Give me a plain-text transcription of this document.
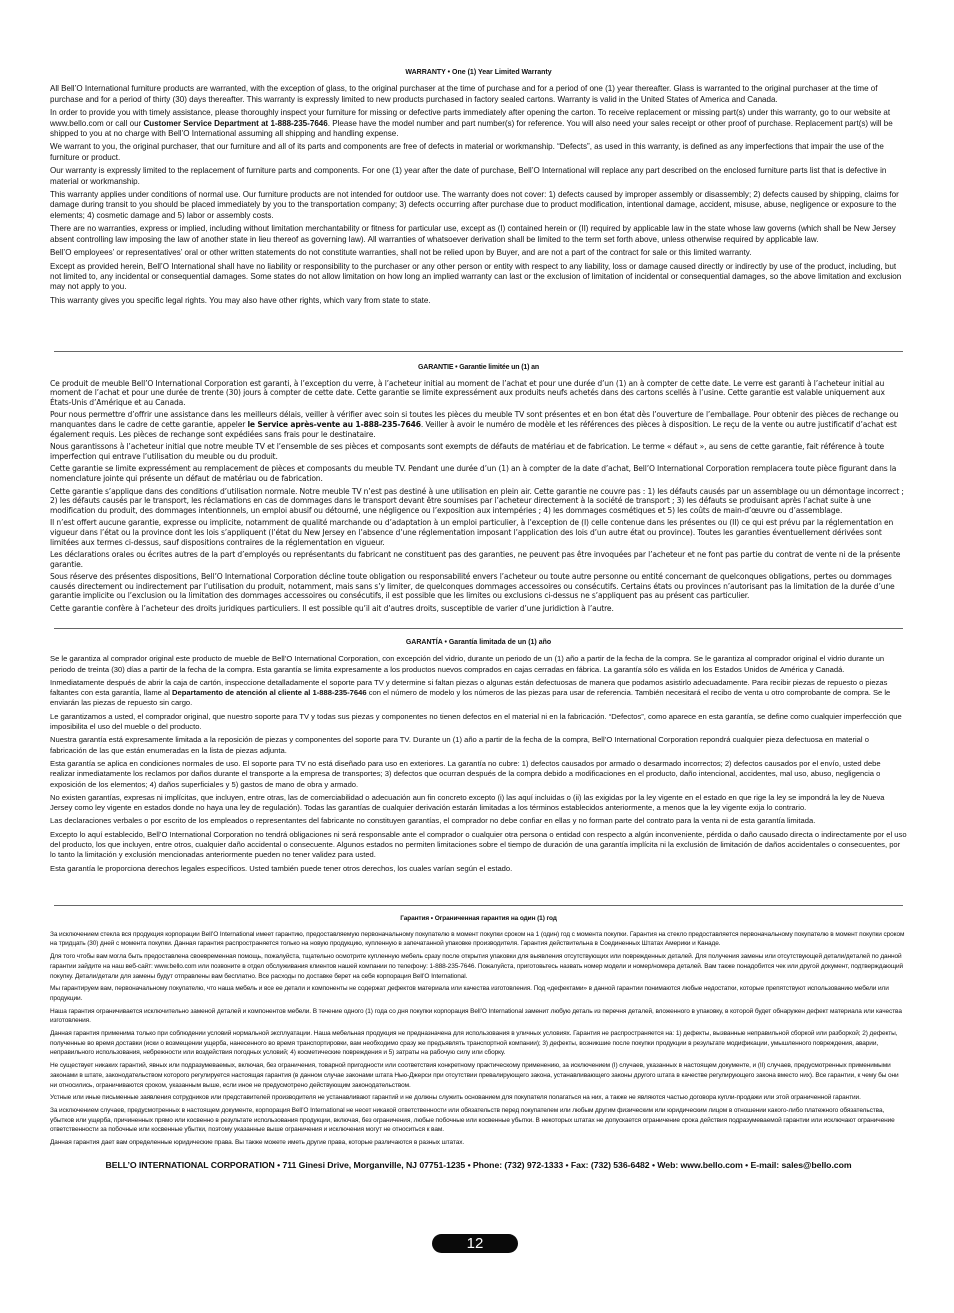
WARRANTY • One (1) Year Limited Warranty

All Bell’O International furniture products are warranted, with the exception of glass, to the original purchaser at the time of purchase and for a period of one (1) year thereafter. Glass is warranted to the original purchaser at the time of purchase and for a period of thirty (30) days thereafter. This warranty is expressly limited to new products purchased in factory sealed cartons. Warranty is valid in the United States of America and Canada.

In order to provide you with timely assistance, please thoroughly inspect your furniture for missing or defective parts immediately after opening the carton. To receive replacement or missing part(s) under this warranty, go to our website at www.bello.com or call our Customer Service Department at 1-888-235-7646. Please have the model number and part number(s) for reference. You will also need your sales receipt or other proof of purchase. Replacement part(s) will be shipped to you at no charge with Bell’O International assuming all shipping and handling expense.

We warrant to you, the original purchaser, that our furniture and all of its parts and components are free of defects in material or workmanship. “Defects”, as used in this warranty, is defined as any imperfections that impair the use of the furniture or product.

Our warranty is expressly limited to the replacement of furniture parts and components. For one (1) year after the date of purchase, Bell’O International will replace any part described on the enclosed furniture parts list that is defective in material or workmanship.

This warranty applies under conditions of normal use. Our furniture products are not intended for outdoor use. The warranty does not cover: 1) defects caused by improper assembly or disassembly; 2) defects caused by shipping, claims for damage during transit to you should be placed immediately by you to the transportation company; 3) defects occurring after purchase due to product modification, intentional damage, accident, misuse, abuse, negligence or exposure to the elements; 4) cosmetic damage and 5) labor or assembly costs.

There are no warranties, express or implied, including without limitation merchantability or fitness for particular use, except as (I) contained herein or (II) required by applicable law in the state whose law governs (which shall be New Jersey absent controlling law imposing the law of another state in lieu thereof as governing law). All warranties of whatsoever derivation shall be limited to the term set forth above, unless otherwise required by applicable law.

Bell’O employees’ or representatives’ oral or other written statements do not constitute warranties, shall not be relied upon by Buyer, and are not a part of the contract for sale or this limited warranty.

Except as provided herein, Bell’O International shall have no liability or responsibility to the purchaser or any other person or entity with respect to any liability, loss or damage caused directly or indirectly by use of the product, including, but not limited to, any incidental or consequential damages. Some states do not allow limitation on how long an implied warranty can last or the exclusion of limitation of incidental or consequential damages, so the above limitation and exclusion may not apply to you.

This warranty gives you specific legal rights. You may also have other rights, which vary from state to state.

GARANTIE • Garantie limitée un (1) an

Ce produit de meuble Bell’O International Corporation est garanti, à l’exception du verre, à l’acheteur initial au moment de l’achat et pour une durée d’un (1) an à compter de cette date. Le verre est garanti à l’acheteur initial au moment de l’achat et pour une durée de trente (30) jours à compter de cette date. Cette garantie se limite expressément aux produits neufs achetés dans des cartons scellés à l’usine. Cette garantie est valable uniquement aux États-Unis d’Amérique et au Canada.

Pour nous permettre d’offrir une assistance dans les meilleurs délais, veiller à vérifier avec soin si toutes les pièces du meuble TV sont présentes et en bon état dès l’ouverture de l’emballage. Pour obtenir des pièces de rechange ou manquantes dans le cadre de cette garantie, appeler le Service après-vente au 1-888-235-7646. Veiller à avoir le numéro de modèle et les références des pièces à disposition. Le reçu de la vente ou autre justificatif d’achat est également requis. Les pièces de rechange sont expédiées sans frais pour le destinataire.

Nous garantissons à l’acheteur initial que notre meuble TV et l’ensemble de ses pièces et composants sont exempts de défauts de matériau et de fabrication. Le terme « défaut », au sens de cette garantie, fait référence à toute imperfection qui entrave l’utilisation du meuble ou du produit.

Cette garantie se limite expressément au remplacement de pièces et composants du meuble TV. Pendant une durée d’un (1) an à compter de la date d’achat, Bell’O International Corporation remplacera toute pièce figurant dans la nomenclature jointe qui présente un défaut de matériau ou de fabrication.

Cette garantie s’applique dans des conditions d’utilisation normale. Notre meuble TV n’est pas destiné à une utilisation en plein air. Cette garantie ne couvre pas : 1) les défauts causés par un assemblage ou un démontage incorrect ; 2) les défauts causés par le transport, les réclamations en cas de dommages dans le transport devant être soumises par l’acheteur directement à la société de transport ; 3) les défauts se produisant après l’achat suite à une modification du produit, des dommages intentionnels, un emploi abusif ou détourné, une négligence ou l’exposition aux intempéries ; 4) les dommages cosmétiques et 5) les coûts de main-d’œuvre ou d’assemblage.

Il n’est offert aucune garantie, expresse ou implicite, notamment de qualité marchande ou d’adaptation à un emploi particulier, à l’exception de (I) celle contenue dans les présentes ou (II) ce qui est prévu par la réglementation en vigueur dans l’état ou la province dont les lois s’appliquent (l’état du New Jersey en l’absence d’une réglementation imposant l’application des lois d’un autre état ou province). Toutes les garanties éventuellement dérivées sont limitées aux termes ci-dessus, sauf dispositions contraires de la réglementation en vigueur.

Les déclarations orales ou écrites autres de la part d’employés ou représentants du fabricant ne constituent pas des garanties, ne peuvent pas être invoquées par l’acheteur et ne font pas partie du contrat de vente ni de la présente garantie.

Sous réserve des présentes dispositions, Bell’O International Corporation décline toute obligation ou responsabilité envers l’acheteur ou toute autre personne ou entité concernant de quelconques obligations, pertes ou dommages causés directement ou indirectement par l’utilisation du produit, notamment, mais sans s’y limiter, de quelconques dommages accessoires ou consécutifs. Certains états ou provinces n’autorisant pas la limitation de la durée d’une garantie implicite ou l’exclusion ou la limitation des dommages accessoires ou consécutifs, il est possible que les limites ou exclusions ci-dessus ne s’appliquent pas au présent cas particulier.

Cette garantie confère à l’acheteur des droits juridiques particuliers. Il est possible qu’il ait d’autres droits, susceptible de varier d’une juridiction à l’autre.

GARANTÍA • Garantía limitada de un (1) año

Se le garantiza al comprador original este producto de mueble de Bell’O International Corporation, con excepción del vidrio, durante un periodo de un (1) año a partir de la fecha de la compra. Se le garantiza al comprador original el vidrio durante un periodo de treinta (30) días a partir de la fecha de la compra. Esta garantía se limita expresamente a los productos nuevos comprados en cajas cerradas en fábrica. La garantía sólo es válida en los Estados Unidos de América y Canadá.

Inmediatamente después de abrir la caja de cartón, inspeccione detalladamente el soporte para TV y determine si faltan piezas o algunas están defectuosas de manera que podamos asistirlo adecuadamente. Para recibir piezas de repuesto o piezas faltantes con esta garantía, llame al Departamento de atención al cliente al 1-888-235-7646 con el número de modelo y los números de las piezas para usar de referencia. También necesitará el recibo de venta u otro comprobante de compra. Se le enviarán las piezas de repuesto sin cargo.

Le garantizamos a usted, el comprador original, que nuestro soporte para TV y todas sus piezas y componentes no tienen defectos en el material ni en la fabricación. “Defectos”, como aparece en esta garantía, se define como cualquier imperfección que imposibilita el uso del mueble o del producto.

Nuestra garantía está expresamente limitada a la reposición de piezas y componentes del soporte para TV. Durante un (1) año a partir de la fecha de la compra, Bell’O International Corporation repondrá cualquier pieza defectuosa en material o fabricación de las que están enumeradas en la lista de piezas adjunta.

Esta garantía se aplica en condiciones normales de uso. El soporte para TV no está diseñado para uso en exteriores. La garantía no cubre: 1) defectos causados por armado o desarmado incorrectos; 2) defectos causados por el envío, usted debe realizar inmediatamente los reclamos por daños durante el transporte a la empresa de transportes; 3) defectos que ocurran después de la compra debido a modificaciones en el producto, daño intencional, accidentes, mal uso, abuso, negligencia o exposición de los elementos; 4) daños superficiales y 5) gastos de mano de obra y armado.

No existen garantías, expresas ni implícitas, que incluyen, entre otras, las de comerciabilidad o adecuación aun fin concreto excepto (i) las aquí incluidas o (ii) las exigidas por la ley vigente en el estado en que rige la ley se impondrá la ley de Nueva Jersey como ley vigente en estados donde no haya una ley de regulación). Todas las garantías de cualquier derivación estarán limitadas a los términos establecidos anteriormente, a menos que la ley vigente exija lo contrario.

Las declaraciones verbales o por escrito de los empleados o representantes del fabricante no constituyen garantías, el comprador no debe confiar en ellas y no forman parte del contrato para la venta ni de esta garantía limitada.

Excepto lo aquí establecido, Bell’O International Corporation no tendrá obligaciones ni será responsable ante el comprador o cualquier otra persona o entidad con respecto a algún inconveniente, pérdida o daño causado directa o indirectamente por el uso del producto, los que incluyen, entre otros, cualquier daño accidental o consecuente. Algunos estados no permiten limitaciones sobre el tiempo de duración de una garantía implícita ni la exclusión de limitación de daños accidentales o consecuentes, por lo tanto la limitación y exclusión mencionadas anteriormente pueden no tener validez para usted.

Esta garantía le proporciona derechos legales específicos. Usted también puede tener otros derechos, los cuales varían según el estado.

Гарантия • Ограниченная гарантия на один (1) год

За исключением стекла вся продукция корпорации Bell’O International имеет гарантию, предоставляемую первоначальному покупателю в момент покупки сроком на 1 (один) год с момента покупки. Гарантия на стекло предоставляется первоначальному покупателю в момент покупки сроком на тридцать (30) дней с момента покупки. Данная гарантия распространяется только на новую продукцию, купленную в запечатанной упаковке производителя. Гарантия действительна в Соединенных Штатах Америки и Канаде.

Для того чтобы вам могла быть предоставлена своевременная помощь, пожалуйста, тщательно осмотрите купленную мебель сразу после открытия упаковки для выявления отсутствующих или поврежденных деталей. Для получения замены или отсутствующей детали/деталей по данной гарантии зайдите на наш веб-сайт: www.bello.com или позвоните в отдел обслуживания клиентов нашей компании по телефону: 1-888-235-7646. Пожалуйста, приготовьтесь назвать номер модели и номер/номера деталей. Вам также понадобится чек или другой документ, подтверждающий покупку. Детали/детали для замены будут отправлены вам бесплатно. Все расходы по доставке берет на себя корпорация Bell’O International.

Мы гарантируем вам, первоначальному покупателю, что наша мебель и все ее детали и компоненты не содержат дефектов материала или качества изготовления. Под «дефектами» в данной гарантии понимаются любые недостатки, которые препятствуют использованию мебели или продукции.

Наша гарантия ограничивается исключительно заменой деталей и компонентов мебели. В течение одного (1) года со дня покупки корпорация Bell’O International заменит любую деталь из перечня деталей, вложенного в упаковку, в которой будет обнаружен дефект материала или качества изготовления.

Данная гарантия применима только при соблюдении условий нормальной эксплуатации. Наша мебельная продукция не предназначена для использования в уличных условиях. Гарантия не распространяется на: 1) дефекты, вызванные неправильной сборкой или разборкой; 2) дефекты, полученные во время доставки (иски о возмещении ущерба, нанесенного во время транспортировки, вам необходимо сразу же предъявлять транспортной компании); 3) дефекты, возникшие после покупки продукции в результате модификации, умышленного повреждения, аварии, неправильного использования, небрежности или воздействия погодных условий; 4) косметические повреждения и 5) затраты на рабочую силу или сборку.

Не существует никаких гарантий, явных или подразумеваемых, включая, без ограничения, товарной пригодности или соответствия конкретному практическому применению, за исключением (I) случаев, указанных в настоящем документе, и (II) случаев, предусмотренных применимыми законами в штате, законодательством которого регулируется настоящая гарантия (в данном случае законами штата Нью-Джерси при отсутствии превалирующего закона, устанавливающего законы другого штата в качестве регулирующего закона вместо них). Все гарантии, к чему бы они ни относились, ограничиваются сроком, указанным выше, если иное не предусмотрено действующим законодательством.

Устные или иные письменные заявления сотрудников или представителей производителя не устанавливают гарантий и не должны служить основанием для покупателя полагаться на них, а также не являются частью договора купли-продажи или этой ограниченной гарантии.

За исключением случаев, предусмотренных в настоящем документе, корпорация Bell’O International не несет никакой ответственности или обязательств перед покупателем или любым другим физическим или юридическим лицом в отношении какого-либо платежного обязательства, убытков или ущерба, причиненных прямо или косвенно в результате использования продукции, включая, без ограничения, любые побочные или косвенные убытки. В некоторых штатах не допускается ограничение срока действия подразумеваемой гарантии или исключают ограничение ответственности за побочные или косвенные убытки, поэтому указанные выше ограничения и исключения могут не относиться к вам.

Данная гарантия дает вам определенные юридические права. Вы также можете иметь другие права, которые различаются в разных штатах.

BELL’O INTERNATIONAL CORPORATION • 711 Ginesi Drive, Morganville, NJ 07751-1235 • Phone: (732) 972-1333 • Fax: (732) 536-6482 • Web: www.bello.com • E-mail: sales@bello.com
12
